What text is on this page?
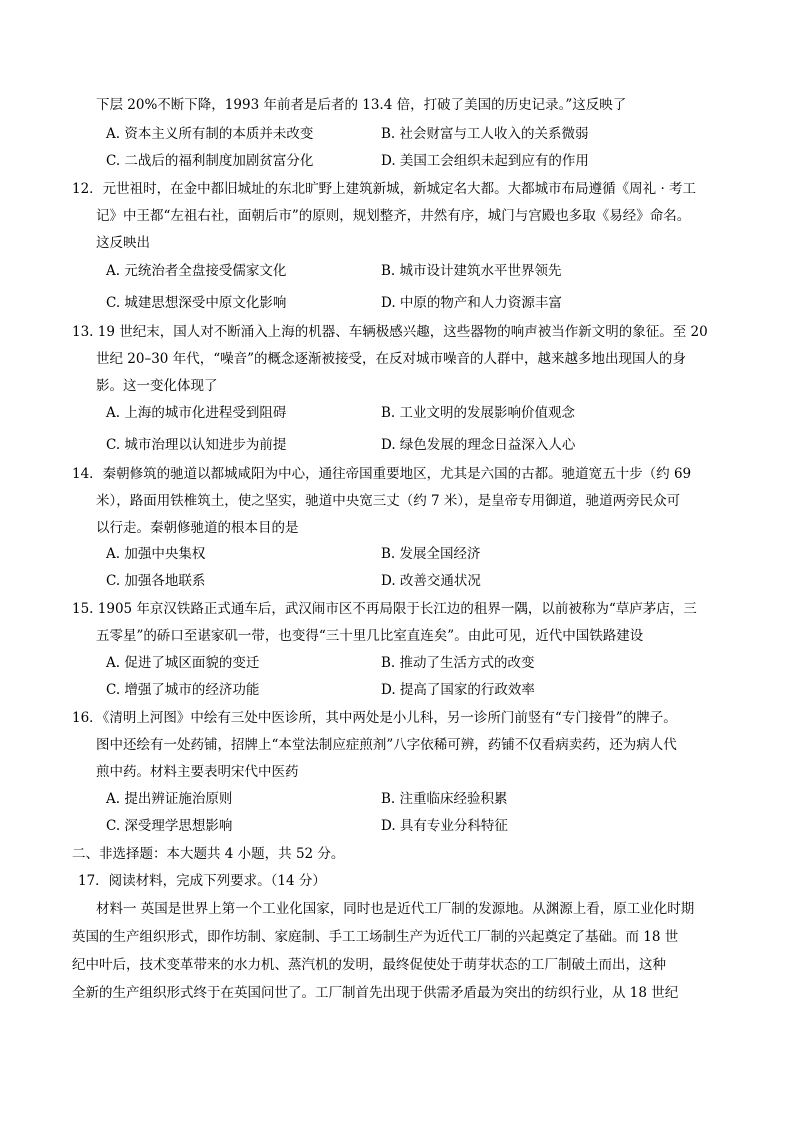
下层 20%不断下降，1993 年前者是后者的 13.4 倍，打破了美国的历史记录。”这反映了
A. 资本主义所有制的本质并未改变	B. 社会财富与工人收入的关系微弱
C. 二战后的福利制度加剧贫富分化	D. 美国工会组织未起到应有的作用
12．元世祖时，在金中都旧城址的东北旷野上建筑新城，新城定名大都。大都城市布局遵循《周礼 · 考工
记》中王都“左祖右社，面朝后市”的原则，规划整齐，井然有序，城门与宫殿也多取《易经》命名。
这反映出
A. 元统治者全盘接受儒家文化	B. 城市设计建筑水平世界领先
C. 城建思想深受中原文化影响	D. 中原的物产和人力资源丰富
13. 19 世纪末，国人对不断涌入上海的机器、车辆极感兴趣，这些器物的响声被当作新文明的象征。至 20
世纪 20–30 年代，“噪音”的概念逐渐被接受，在反对城市噪音的人群中，越来越多地出现国人的身
影。这一变化体现了
A. 上海的城市化进程受到阻碍	B. 工业文明的发展影响价值观念
C. 城市治理以认知进步为前提	D. 绿色发展的理念日益深入人心
14．秦朝修筑的驰道以都城咸阳为中心，通往帝国重要地区，尤其是六国的古都。驰道宽五十步（约 69
米），路面用铁椎筑土，使之坚实，驰道中央宽三丈（约 7 米），是皇帝专用御道，驰道两旁民众可
以行走。秦朝修驰道的根本目的是
A. 加强中央集权	B. 发展全国经济
C. 加强各地联系	D. 改善交通状况
15. 1905 年京汉铁路正式通车后，武汉闹市区不再局限于长江边的租界一隅，以前被称为“草庐茅店，三
五零星”的硚口至谌家矶一带，也变得“三十里几比室直连矣”。由此可见，近代中国铁路建设
A. 促进了城区面貌的变迁	B. 推动了生活方式的改变
C. 增强了城市的经济功能	D. 提高了国家的行政效率
16．《清明上河图》中绘有三处中医诊所，其中两处是小儿科，另一诊所门前竖有“专门接骨”的牌子。
图中还绘有一处药铺，招牌上“本堂法制应症煎剂”八字依稀可辨，药铺不仅看病卖药，还为病人代
煎中药。材料主要表明宋代中医药
A. 提出辨证施治原则	B. 注重临床经验积累
C. 深受理学思想影响	D. 具有专业分科特征
二、非选择题：本大题共 4 小题，共 52 分。
17．阅读材料，完成下列要求。（14 分）
材料一 英国是世界上第一个工业化国家，同时也是近代工厂制的发源地。从渊源上看，原工业化时期
英国的生产组织形式，即作坊制、家庭制、手工工场制生产为近代工厂制的兴起奠定了基础。而 18 世
纪中叶后，技术变革带来的水力机、蒸汽机的发明，最终促使处于萌芽状态的工厂制破土而出，这种
全新的生产组织形式终于在英国问世了。工厂制首先出现于供需矛盾最为突出的纺织行业，从 18 世纪
